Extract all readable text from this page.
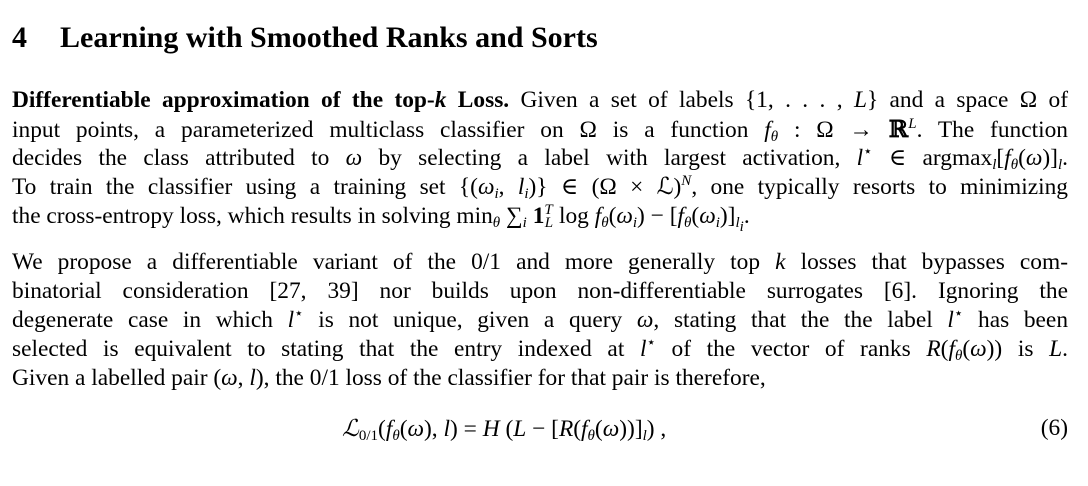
4 Learning with Smoothed Ranks and Sorts
Differentiable approximation of the top-k Loss. Given a set of labels {1, . . . , L} and a space Ω of
input points, a parameterized multiclass classifier on Ω is a function $f_\theta$ : Ω → ℝ$^L$. The function
decides the class attributed to ω by selecting a label with largest activation, l⋆ ∈ $argmax_l[f_\theta(\omega)]_l$.
To train the classifier using a training set {($\omega_i$, $l_i$)} ∈ (Ω × ℒ)$^N$, one typically resorts to minimizing
the cross-entropy loss, which results in solving $\min_\theta \sum_i$ $1^T_L$ $\log f_\theta(\omega_i) - [f_\theta(\omega_i)]_{l_i}$.
We propose a differentiable variant of the 0/1 and more generally top k losses that bypasses com-
binatorial consideration [27, 39] nor builds upon non-differentiable surrogates [6]. Ignoring the
degenerate case in which l⋆ is not unique, given a query ω, stating that the the label l⋆ has been
selected is equivalent to stating that the entry indexed at l⋆ of the vector of ranks $R(f_\theta(\omega))$ is L.
Given a labelled pair (ω, l), the 0/1 loss of the classifier for that pair is therefore,
$ℒ_{0/1}(f_\theta(\omega)$, l) = H $(L - [R(f_\theta(\omega))]_l)$ ,	(6)
